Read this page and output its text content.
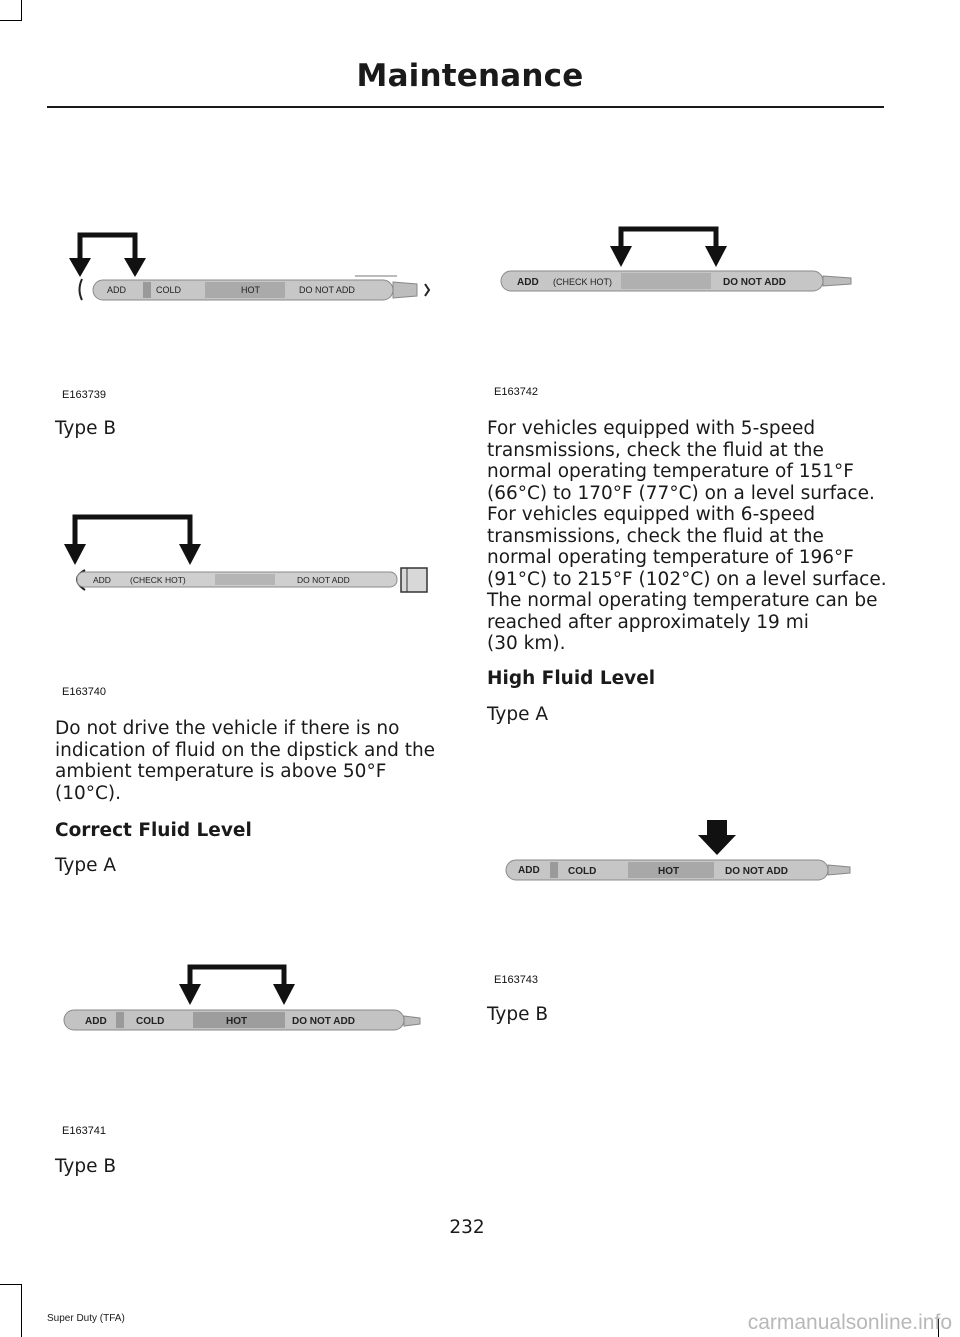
Maintenance
ADD	COLD	HOT	DO NOT ADD
E163739
Type B
ADD (CHECK HOT)	DO NOT ADD
E163740
Do not drive the vehicle if there is no
indication of fluid on the dipstick and the
ambient temperature is above 50°F
(10°C).
Correct Fluid Level
Type A
ADD	COLD	HOT	DO NOT ADD
E163741
Type B
ADD (CHECK HOT)	DO NOT ADD
E163742
For vehicles equipped with 5-speed
transmissions, check the fluid at the
normal operating temperature of 151°F
(66°C) to 170°F (77°C) on a level surface.
For vehicles equipped with 6-speed
transmissions, check the fluid at the
normal operating temperature of 196°F
(91°C) to 215°F (102°C) on a level surface.
The normal operating temperature can be
reached after approximately 19 mi
(30 km).
High Fluid Level
Type A
ADD	COLD	HOT	DO NOT ADD
E163743
Type B
232
Super Duty (TFA)	carmanualsonline.info
